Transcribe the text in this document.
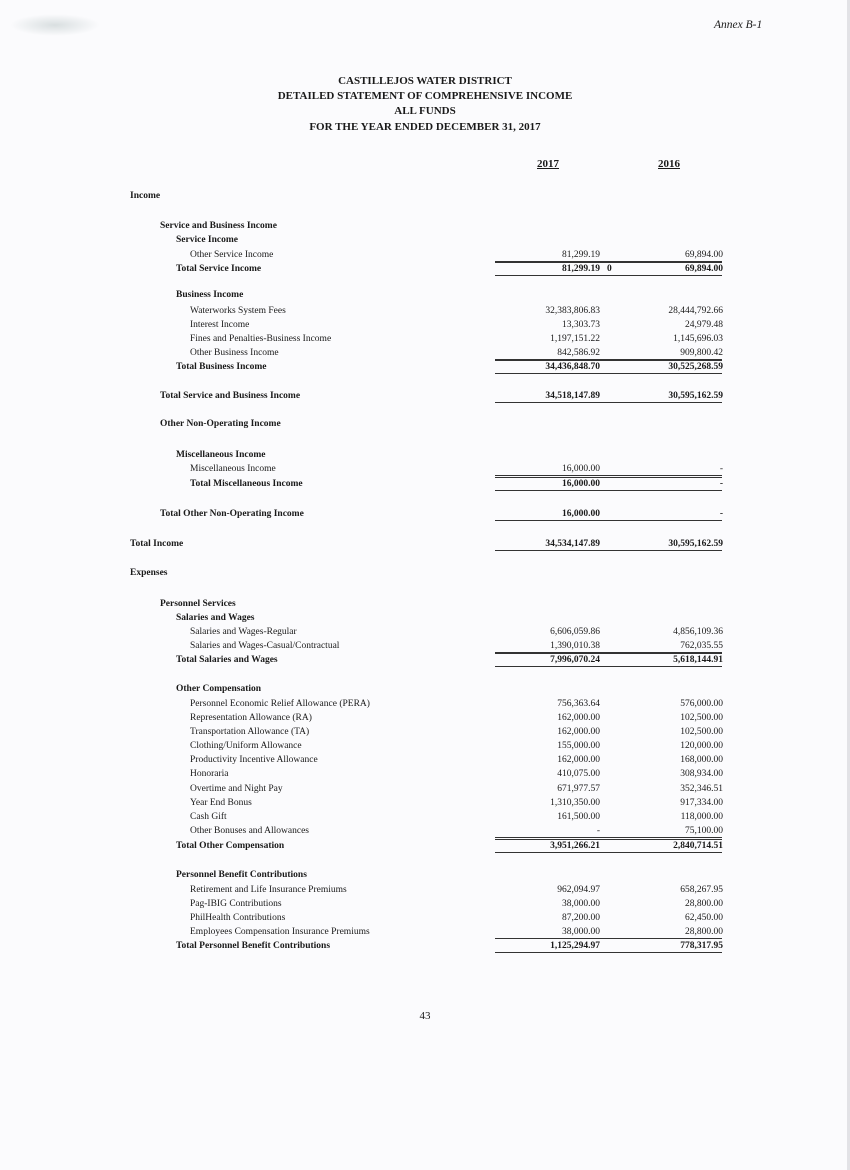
Annex B-1
CASTILLEJOS WATER DISTRICT
DETAILED STATEMENT OF COMPREHENSIVE INCOME
ALL FUNDS
FOR THE YEAR ENDED DECEMBER 31, 2017
2017	2016
Income
Service and Business Income
Service Income
Other Service Income	81,299.19	69,894.00
Total Service Income	81,299.19	69,894.00
Business Income
Waterworks System Fees	32,383,806.83	28,444,792.66
Interest Income	13,303.73	24,979.48
Fines and Penalties-Business Income	1,197,151.22	1,145,696.03
Other Business Income	842,586.92	909,800.42
Total Business Income	34,436,848.70	30,525,268.59
Total Service and Business Income	34,518,147.89	30,595,162.59
Other Non-Operating Income
Miscellaneous Income
Miscellaneous Income	16,000.00	-
Total Miscellaneous Income	16,000.00	-
Total Other Non-Operating Income	16,000.00	-
Total Income	34,534,147.89	30,595,162.59
Expenses
Personnel Services
Salaries and Wages
Salaries and Wages-Regular	6,606,059.86	4,856,109.36
Salaries and Wages-Casual/Contractual	1,390,010.38	762,035.55
Total Salaries and Wages	7,996,070.24	5,618,144.91
Other Compensation
Personnel Economic Relief Allowance (PERA)	756,363.64	576,000.00
Representation Allowance (RA)	162,000.00	102,500.00
Transportation Allowance (TA)	162,000.00	102,500.00
Clothing/Uniform Allowance	155,000.00	120,000.00
Productivity Incentive Allowance	162,000.00	168,000.00
Honoraria	410,075.00	308,934.00
Overtime and Night Pay	671,977.57	352,346.51
Year End Bonus	1,310,350.00	917,334.00
Cash Gift	161,500.00	118,000.00
Other Bonuses and Allowances	-	75,100.00
Total Other Compensation	3,951,266.21	2,840,714.51
Personnel Benefit Contributions
Retirement and Life Insurance Premiums	962,094.97	658,267.95
Pag-IBIG Contributions	38,000.00	28,800.00
PhilHealth Contributions	87,200.00	62,450.00
Employees Compensation Insurance Premiums	38,000.00	28,800.00
Total Personnel Benefit Contributions	1,125,294.97	778,317.95
0
43
